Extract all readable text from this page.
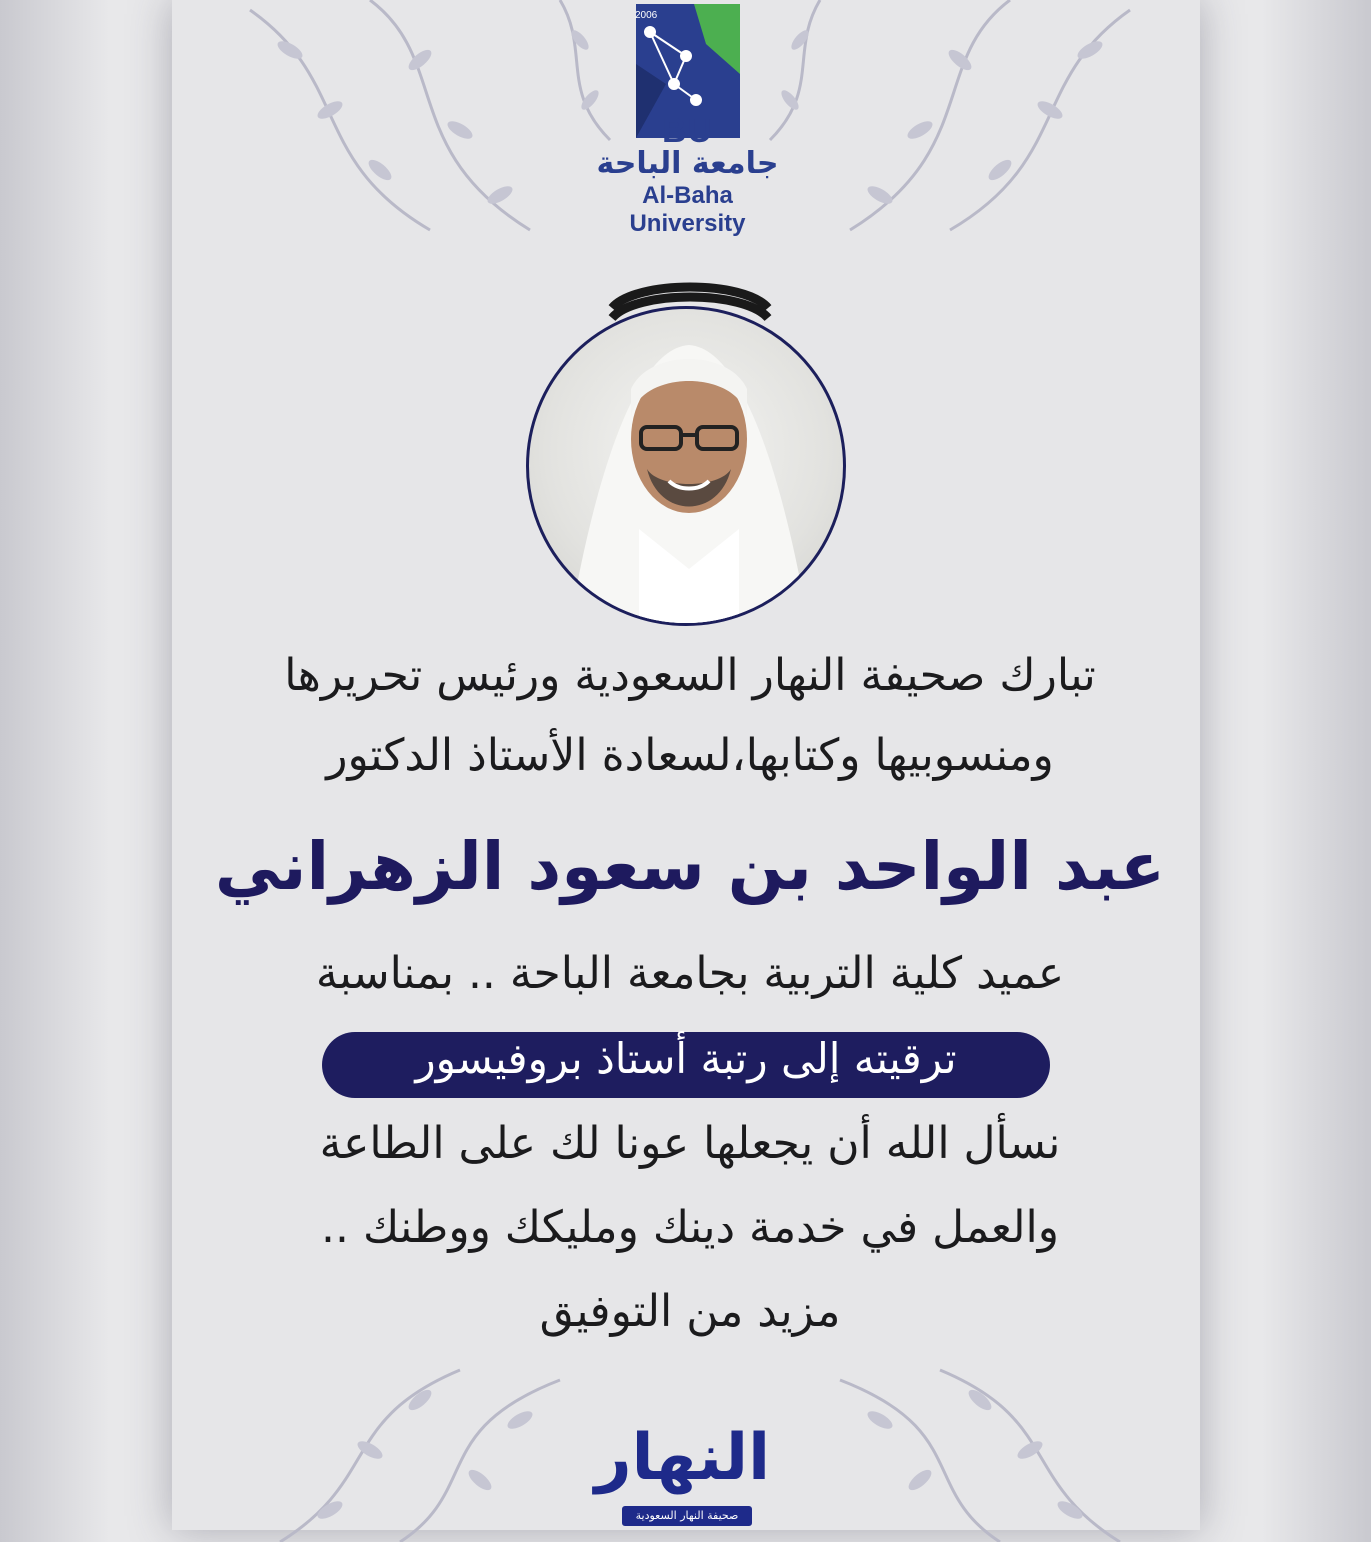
2006
BU
جامعة الباحة
Al-Baha University
تبارك صحيفة النهار السعودية ورئيس تحريرها
ومنسوبيها وكتابها،لسعادة الأستاذ الدكتور
عبد الواحد بن سعود الزهراني
عميد كلية التربية بجامعة الباحة .. بمناسبة
ترقيته إلى رتبة أستاذ بروفيسور
نسأل الله أن يجعلها عونا لك على الطاعة
والعمل في خدمة دينك ومليكك ووطنك ..
مزيد من التوفيق
النهار
صحيفة النهار السعودية
